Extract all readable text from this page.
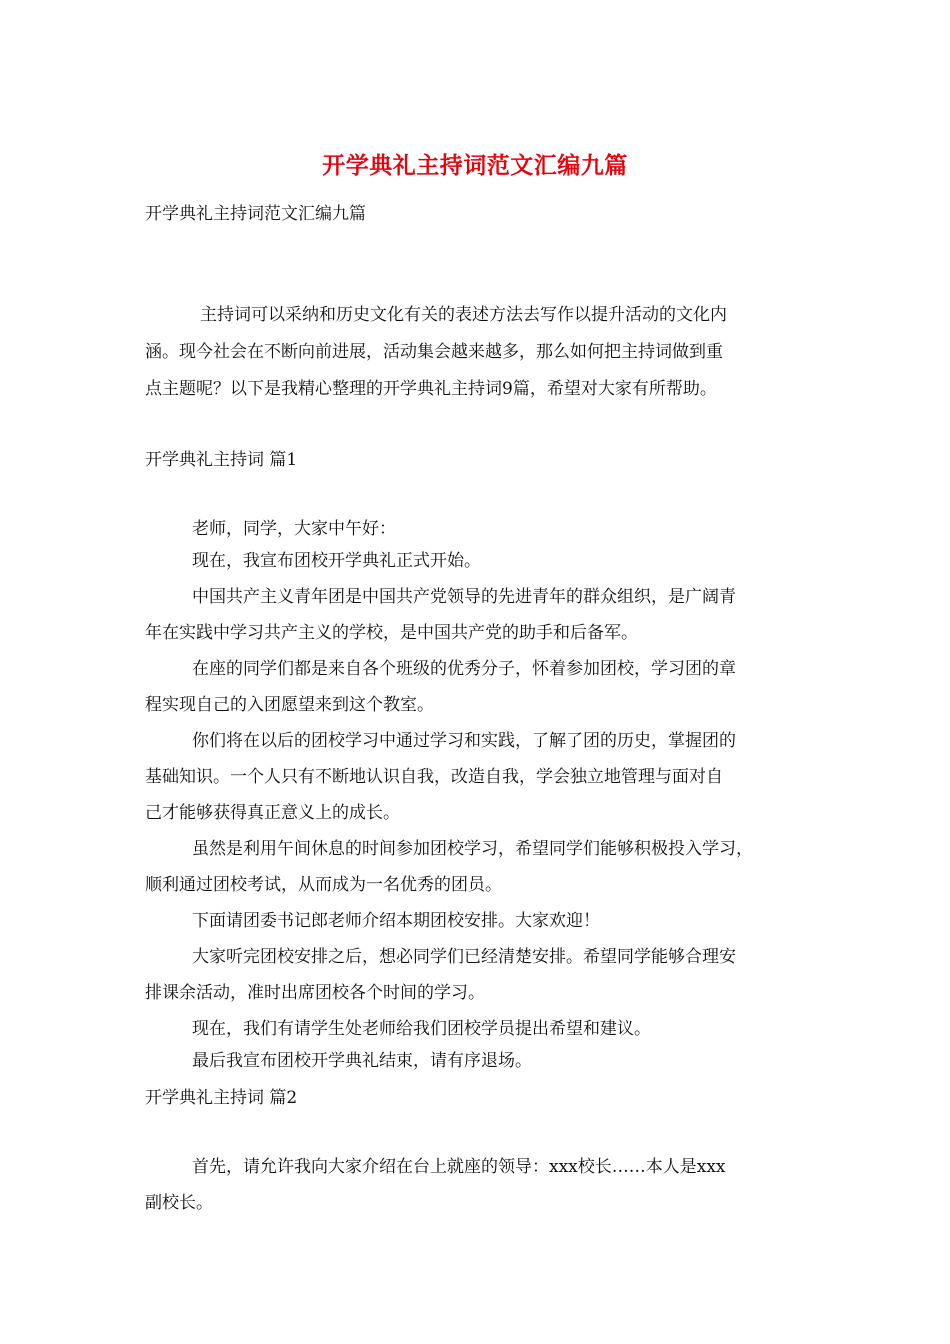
开学典礼主持词范文汇编九篇
开学典礼主持词范文汇编九篇
主持词可以采纳和历史文化有关的表述方法去写作以提升活动的文化内
涵。现今社会在不断向前进展，活动集会越来越多，那么如何把主持词做到重
点主题呢？以下是我精心整理的开学典礼主持词9篇，希望对大家有所帮助。
开学典礼主持词 篇1
老师，同学，大家中午好：
现在，我宣布团校开学典礼正式开始。
中国共产主义青年团是中国共产党领导的先进青年的群众组织，是广阔青
年在实践中学习共产主义的学校，是中国共产党的助手和后备军。
在座的同学们都是来自各个班级的优秀分子，怀着参加团校，学习团的章
程实现自己的入团愿望来到这个教室。
你们将在以后的团校学习中通过学习和实践，了解了团的历史，掌握团的
基础知识。一个人只有不断地认识自我，改造自我，学会独立地管理与面对自
己才能够获得真正意义上的成长。
虽然是利用午间休息的时间参加团校学习，希望同学们能够积极投入学习，
顺利通过团校考试，从而成为一名优秀的团员。
下面请团委书记郎老师介绍本期团校安排。大家欢迎！
大家听完团校安排之后，想必同学们已经清楚安排。希望同学能够合理安
排课余活动，准时出席团校各个时间的学习。
现在，我们有请学生处老师给我们团校学员提出希望和建议。
最后我宣布团校开学典礼结束，请有序退场。
开学典礼主持词 篇2
首先，请允许我向大家介绍在台上就座的领导：xxx校长……本人是xxx
副校长。
